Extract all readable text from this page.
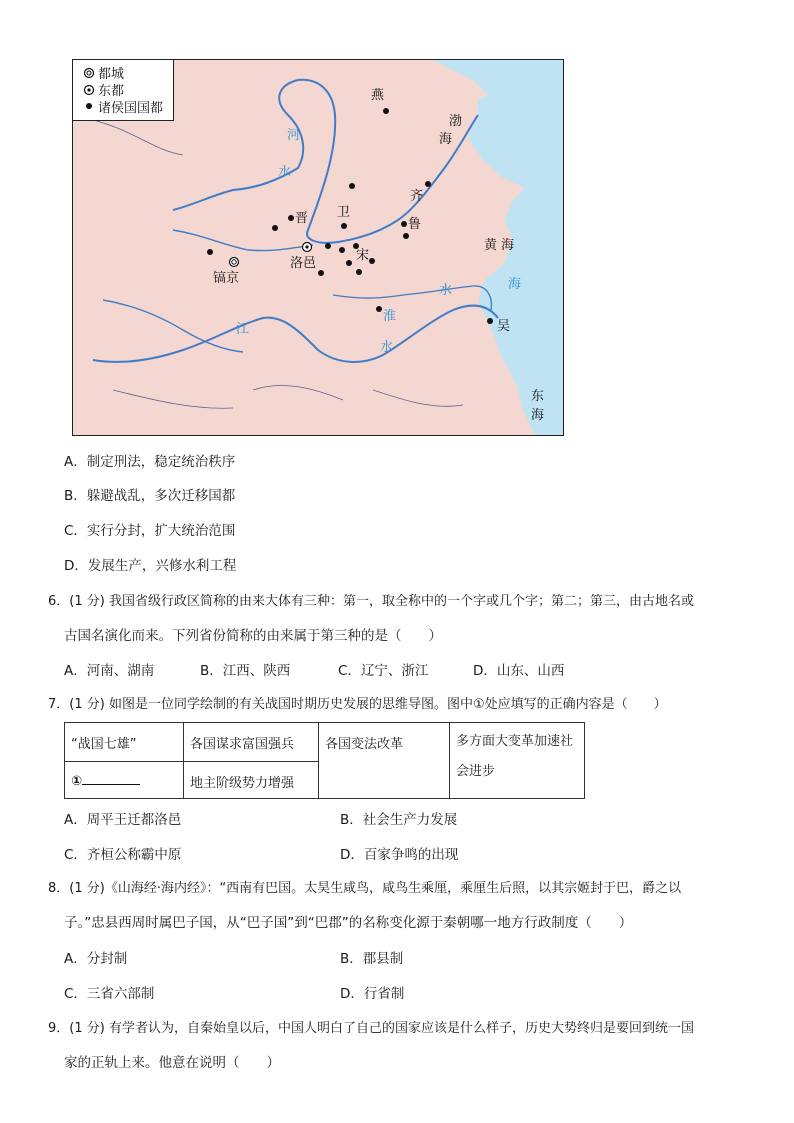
都城
东都
诸侯国国都
燕
渤
海
河
水
齐
晋 卫
鲁
黄 海
宋
洛邑
镐京	海
水
江
淮
水
吴
东
海
A．制定刑法，稳定统治秩序
B．躲避战乱，多次迁移国都
C．实行分封，扩大统治范围
D．发展生产，兴修水利工程
6．(1 分) 我国省级行政区简称的由来大体有三种：第一，取全称中的一个字或几个字；第二；第三，由古地名或
古国名演化而来。下列省份简称的由来属于第三种的是（　　）
A．河南、湖南	B．江西、陕西	C．辽宁、浙江	D．山东、山西
7．(1 分) 如图是一位同学绘制的有关战国时期历史发展的思维导图。图中①处应填写的正确内容是（　　）
“战国七雄”	各国谋求富国强兵	各国变法改革	多方面大变革加速社会进步
①	地主阶级势力增强		
A．周平王迁都洛邑	B．社会生产力发展
C．齐桓公称霸中原	D．百家争鸣的出现
8．(1 分)《山海经·海内经》：“西南有巴国。太昊生咸鸟，咸鸟生乘厘，乘厘生后照，以其宗姬封于巴，爵之以
子。”忠县西周时属巴子国，从“巴子国”到“巴郡”的名称变化源于秦朝哪一地方行政制度（　　）
A．分封制	B．郡县制
C．三省六部制	D．行省制
9．(1 分) 有学者认为，自秦始皇以后，中国人明白了自己的国家应该是什么样子，历史大势终归是要回到统一国
家的正轨上来。他意在说明（　　）
